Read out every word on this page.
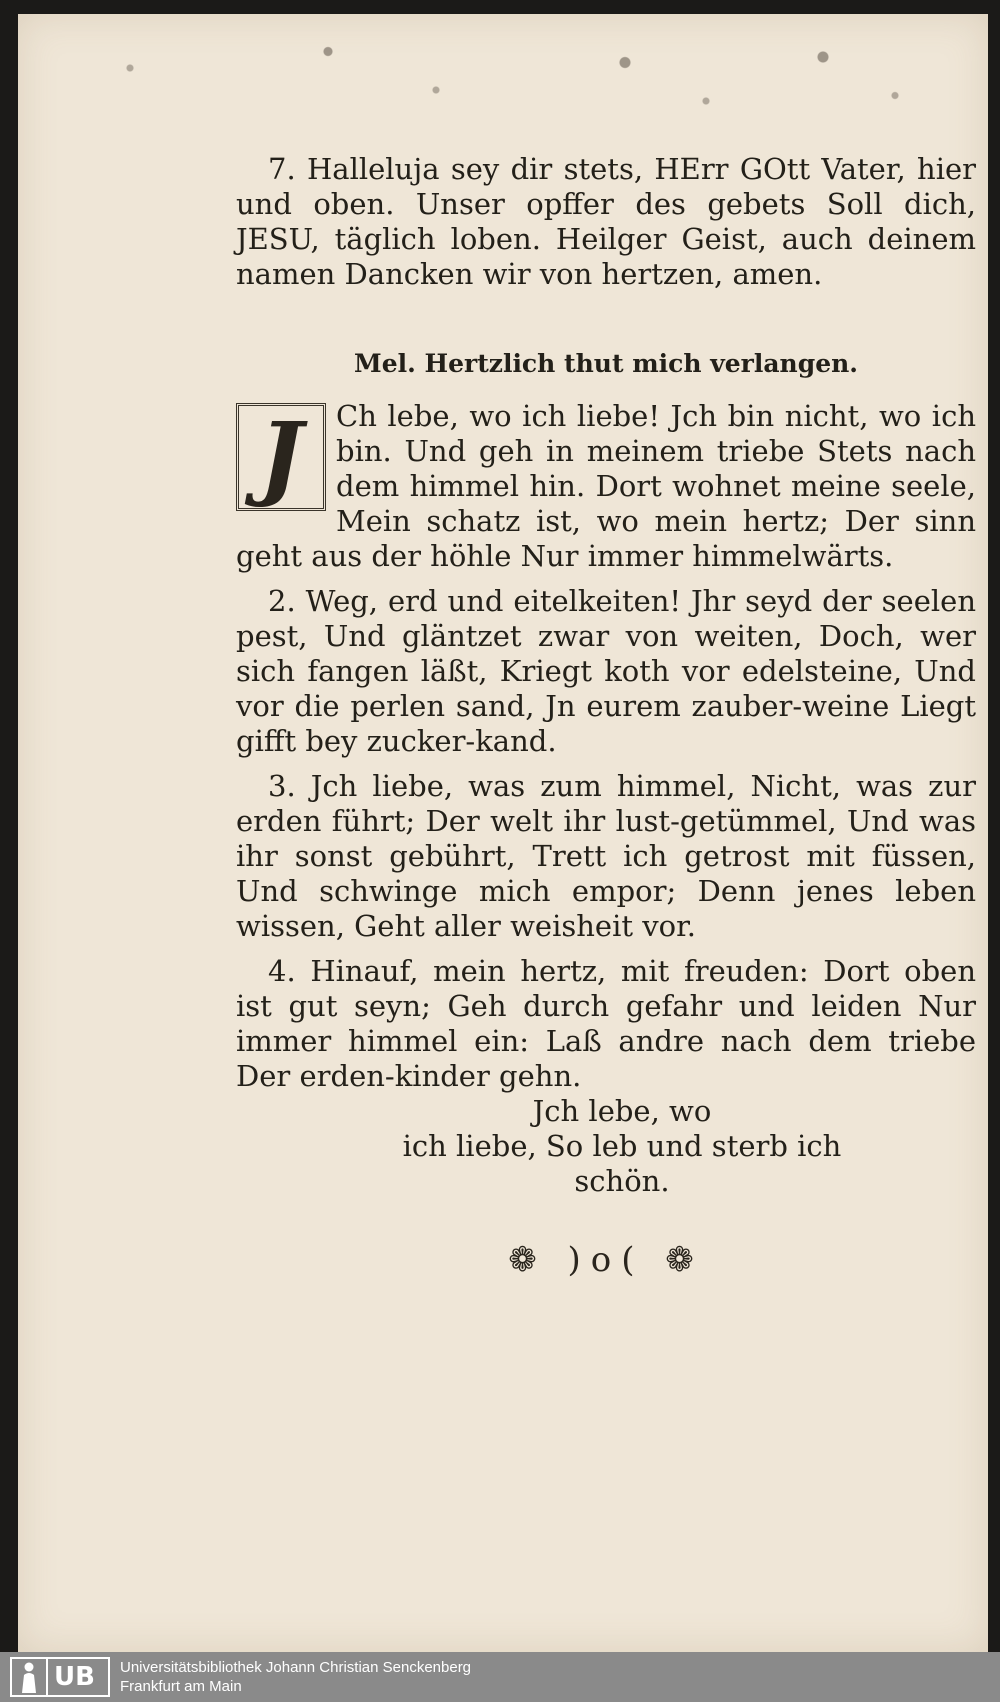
7. Halleluja sey dir stets, HErr GOtt Vater, hier und oben. Unser opffer des gebets Soll dich, JESU, täglich loben. Heilger Geist, auch deinem namen Dancken wir von hertzen, amen.

Mel. Hertzlich thut mich verlangen.
J	Ch lebe, wo ich liebe! Jch bin nicht, wo ich bin. Und geh in meinem triebe Stets nach dem himmel hin. Dort wohnet meine seele, Mein schatz ist, wo mein hertz; Der sinn geht aus der höhle Nur immer himmelwärts.

2. Weg, erd und eitelkeiten! Jhr seyd der seelen pest, Und gläntzet zwar von weiten, Doch, wer sich fangen läßt, Kriegt koth vor edelsteine, Und vor die perlen sand, Jn eurem zauber-weine Liegt gifft bey zucker-kand.

3. Jch liebe, was zum himmel, Nicht, was zur erden führt; Der welt ihr lust-getümmel, Und was ihr sonst gebührt, Trett ich getrost mit füssen, Und schwinge mich empor; Denn jenes leben wissen, Geht aller weisheit vor.

4. Hinauf, mein hertz, mit freuden: Dort oben ist gut seyn; Geh durch gefahr und leiden Nur immer himmel ein: Laß andre nach dem triebe Der erden-kinder gehn.

Jch lebe, wo

ich liebe, So leb und sterb ich

schön.

❁ )o( ❁
UB Universitätsbibliothek Johann Christian Senckenberg
Frankfurt am Main
